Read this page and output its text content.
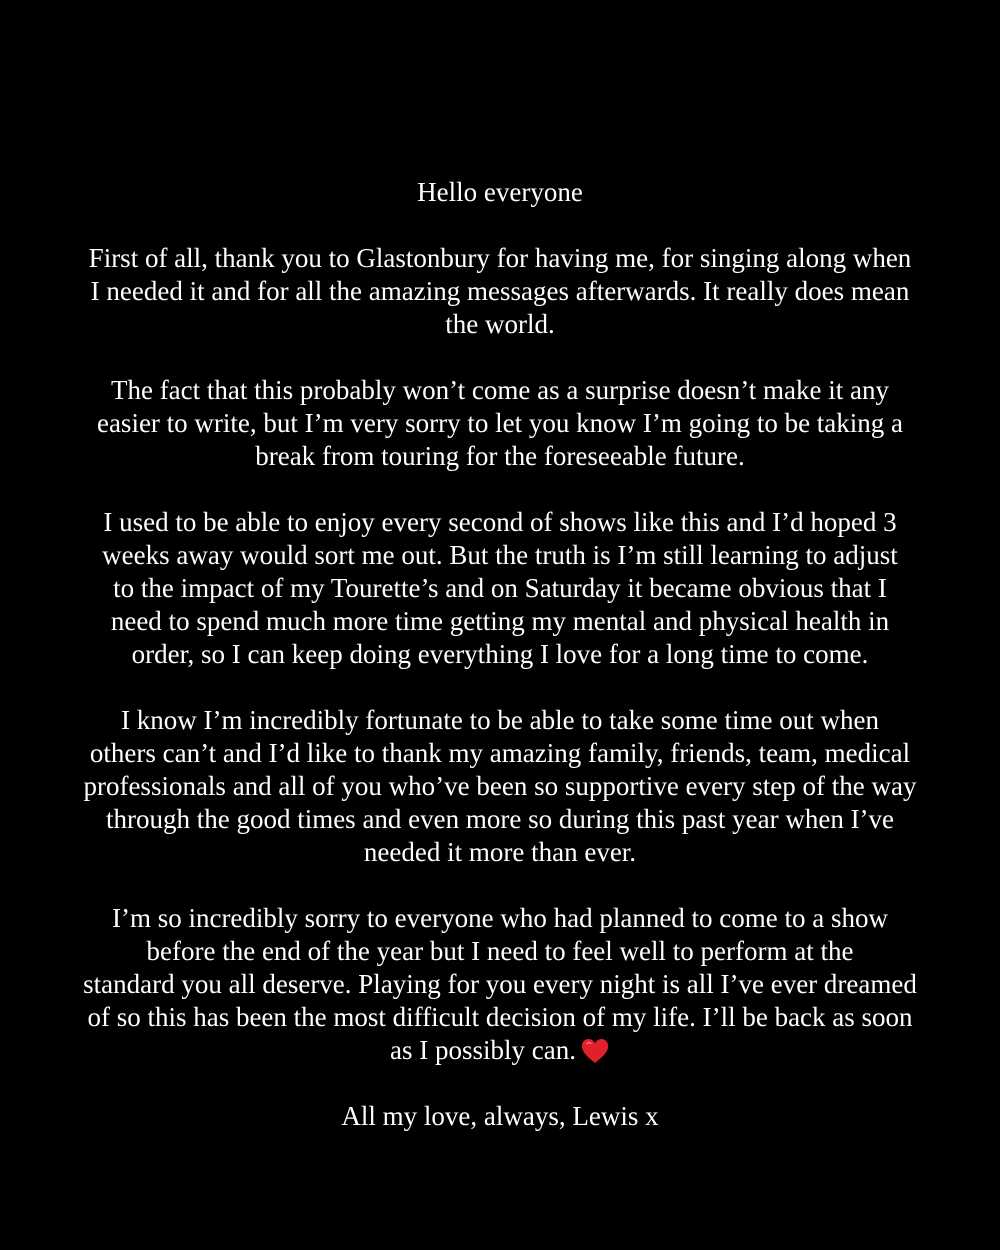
Hello everyone

First of all, thank you to Glastonbury for having me, for singing along when
I needed it and for all the amazing messages afterwards. It really does mean
the world.

The fact that this probably won’t come as a surprise doesn’t make it any
easier to write, but I’m very sorry to let you know I’m going to be taking a
break from touring for the foreseeable future.

I used to be able to enjoy every second of shows like this and I’d hoped 3
weeks away would sort me out. But the truth is I’m still learning to adjust
to the impact of my Tourette’s and on Saturday it became obvious that I
need to spend much more time getting my mental and physical health in
order, so I can keep doing everything I love for a long time to come.

I know I’m incredibly fortunate to be able to take some time out when
others can’t and I’d like to thank my amazing family, friends, team, medical
professionals and all of you who’ve been so supportive every step of the way
through the good times and even more so during this past year when I’ve
needed it more than ever.

I’m so incredibly sorry to everyone who had planned to come to a show
before the end of the year but I need to feel well to perform at the
standard you all deserve. Playing for you every night is all I’ve ever dreamed
of so this has been the most difficult decision of my life. I’ll be back as soon
as I possibly can.

All my love, always, Lewis x
